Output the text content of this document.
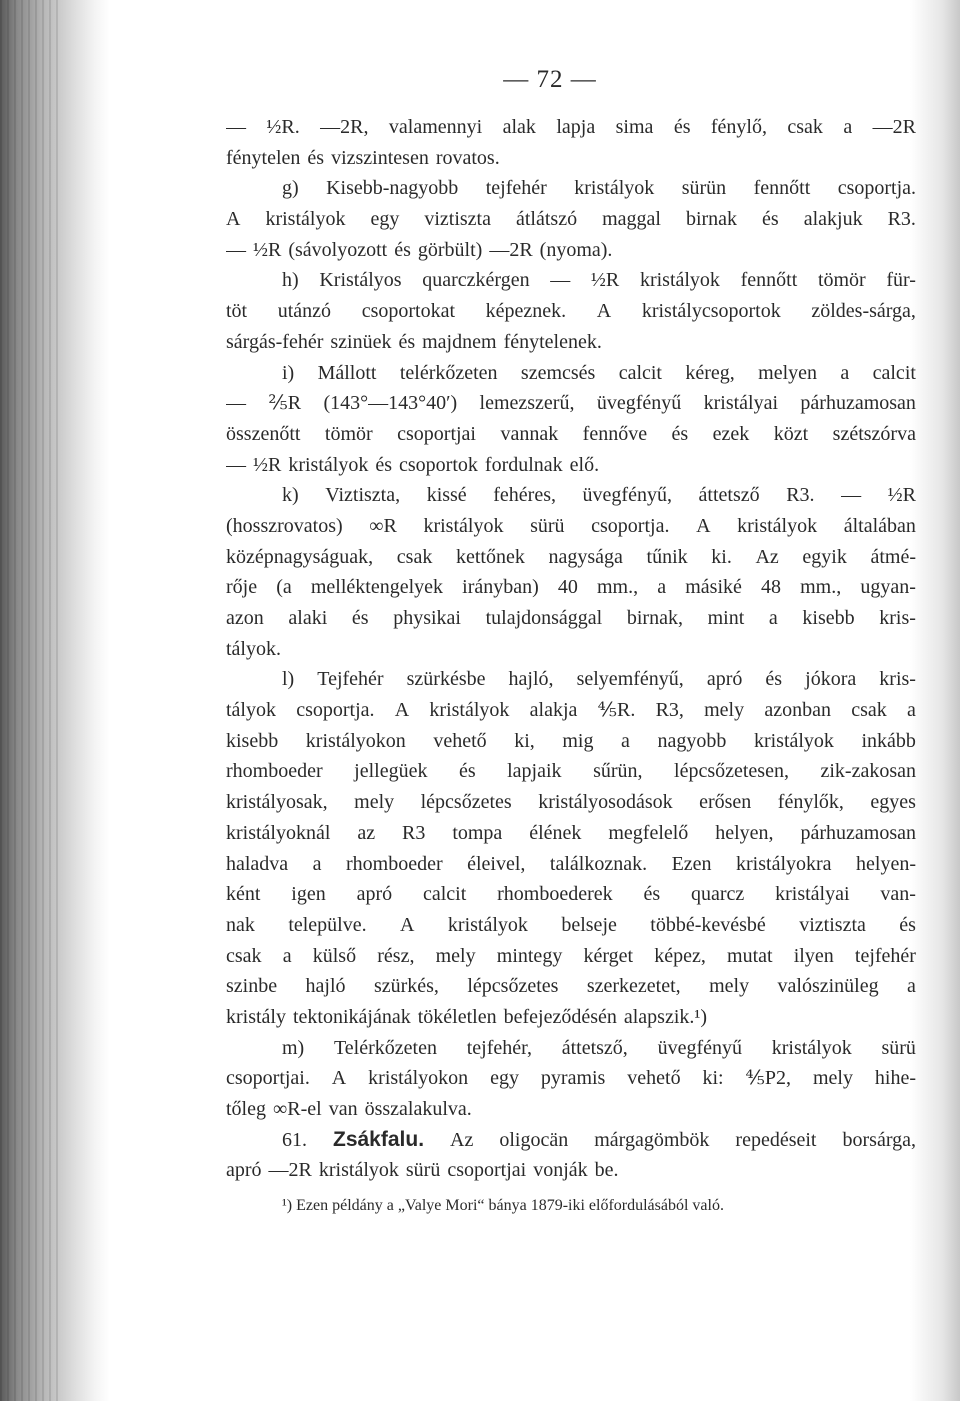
— 72 —
— ½R. —2R, valamennyi alak lapja sima és fénylő, csak a —2R
fénytelen és vizszintesen rovatos.
g) Kisebb-nagyobb tejfehér kristályok sürün fennőtt csoportja.
A kristályok egy viztiszta átlátszó maggal birnak és alakjuk R3.
— ½R (sávolyozott és görbült) —2R (nyoma).
h) Kristályos quarczkérgen — ½R kristályok fennőtt tömör für-
töt utánzó csoportokat képeznek. A kristálycsoportok zöldes-sárga,
sárgás-fehér szinüek és majdnem fénytelenek.
i) Mállott telérkőzeten szemcsés calcit kéreg, melyen a calcit
— ⅖R (143°—143°40′) lemezszerű, üvegfényű kristályai párhuzamosan
összenőtt tömör csoportjai vannak fennőve és ezek közt szétszórva
— ½R kristályok és csoportok fordulnak elő.
k) Viztiszta, kissé fehéres, üvegfényű, áttetsző R3. — ½R
(hosszrovatos) ∞R kristályok sürü csoportja. A kristályok általában
középnagyságuak, csak kettőnek nagysága tűnik ki. Az egyik átmé-
rője (a melléktengelyek irányban) 40 mm., a másiké 48 mm., ugyan-
azon alaki és physikai tulajdonsággal birnak, mint a kisebb kris-
tályok.
l) Tejfehér szürkésbe hajló, selyemfényű, apró és jókora kris-
tályok csoportja. A kristályok alakja ⅘R. R3, mely azonban csak a
kisebb kristályokon vehető ki, mig a nagyobb kristályok inkább
rhomboeder jellegüek és lapjaik sűrün, lépcsőzetesen, zik-zakosan
kristályosak, mely lépcsőzetes kristályosodások erősen fénylők, egyes
kristályoknál az R3 tompa élének megfelelő helyen, párhuzamosan
haladva a rhomboeder éleivel, találkoznak. Ezen kristályokra helyen-
ként igen apró calcit rhomboederek és quarcz kristályai van-
nak települve. A kristályok belseje többé-kevésbé viztiszta és
csak a külső rész, mely mintegy kérget képez, mutat ilyen tejfehér
szinbe hajló szürkés, lépcsőzetes szerkezetet, mely valószinüleg a
kristály tektonikájának tökéletlen befejeződésén alapszik.¹)
m) Telérkőzeten tejfehér, áttetsző, üvegfényű kristályok sürü
csoportjai. A kristályokon egy pyramis vehető ki: ⅘P2, mely hihe-
tőleg ∞R-el van összalakulva.
61. Zsákfalu. Az oligocän márgagömbök repedéseit borsárga,
apró —2R kristályok sürü csoportjai vonják be.
¹) Ezen példány a „Valye Mori“ bánya 1879-iki előfordulásából való.
